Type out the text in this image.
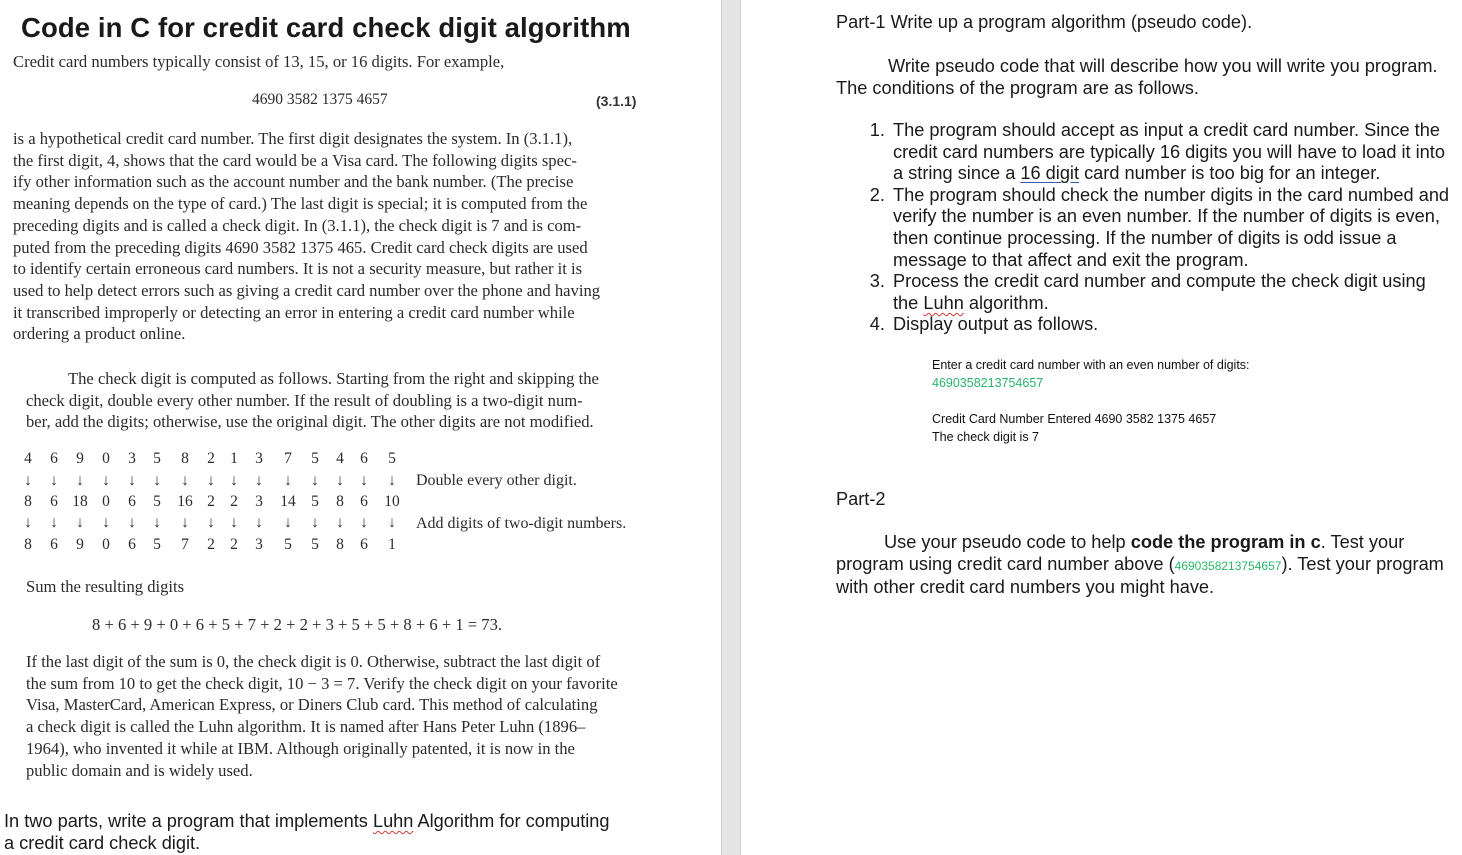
Code in C for credit card check digit algorithm

Credit card numbers typically consist of 13, 15, or 16 digits. For example,

4690 3582 1375 4657	(3.1.1)
is a hypothetical credit card number. The first digit designates the system. In (3.1.1),
the first digit, 4, shows that the card would be a Visa card. The following digits spec-
ify other information such as the account number and the bank number. (The precise
meaning depends on the type of card.) The last digit is special; it is computed from the
preceding digits and is called a check digit. In (3.1.1), the check digit is 7 and is com-
puted from the preceding digits 4690 3582 1375 465. Credit card check digits are used
to identify certain erroneous card numbers. It is not a security measure, but rather it is
used to help detect errors such as giving a credit card number over the phone and having
it transcribed improperly or detecting an error in entering a credit card number while
ordering a product online.
The check digit is computed as follows. Starting from the right and skipping the
check digit, double every other number. If the result of doubling is a two-digit num-
ber, add the digits; otherwise, use the original digit. The other digits are not modified.
4	6	9	0	3	5	8	2 1	3	7	5	4	6	5
↓	↓	↓	↓	↓	↓	↓	↓ ↓	↓	↓	↓	↓	↓	↓
8	6 18 0	6	5	16 2 2	3	14 5	8	6	10
↓	↓	↓	↓	↓	↓	↓	↓ ↓	↓	↓	↓	↓	↓	↓
8	6	9	0	6	5	7	2 2	3	5	5	8	6	1
Double every other digit.
Add digits of two-digit numbers.
Sum the resulting digits
8 + 6 + 9 + 0 + 6 + 5 + 7 + 2 + 2 + 3 + 5 + 5 + 8 + 6 + 1 = 73.
If the last digit of the sum is 0, the check digit is 0. Otherwise, subtract the last digit of
the sum from 10 to get the check digit, 10 − 3 = 7. Verify the check digit on your favorite
Visa, MasterCard, American Express, or Diners Club card. This method of calculating
a check digit is called the Luhn algorithm. It is named after Hans Peter Luhn (1896–
1964), who invented it while at IBM. Although originally patented, it is now in the
public domain and is widely used.
In two parts, write a program that implements Luhn Algorithm for computing
a credit card check digit.
Part-1 Write up a program algorithm (pseudo code).
Write pseudo code that will describe how you will write you program.
The conditions of the program are as follows.
1. The program should accept as input a credit card number. Since the credit card numbers are typically 16 digits you will have to load it into a string since a 16 digit card number is too big for an integer.
2. The program should check the number digits in the card numbed and verify the number is an even number. If the number of digits is even, then continue processing. If the number of digits is odd issue a message to that affect and exit the program.
3. Process the credit card number and compute the check digit using the Luhn algorithm.
4. Display output as follows.
Enter a credit card number with an even number of digits:
4690358213754657
Credit Card Number Entered 4690 3582 1375 4657
The check digit is 7
Part-2
Use your pseudo code to help code the program in c. Test your program using credit card number above (4690358213754657). Test your program with other credit card numbers you might have.
